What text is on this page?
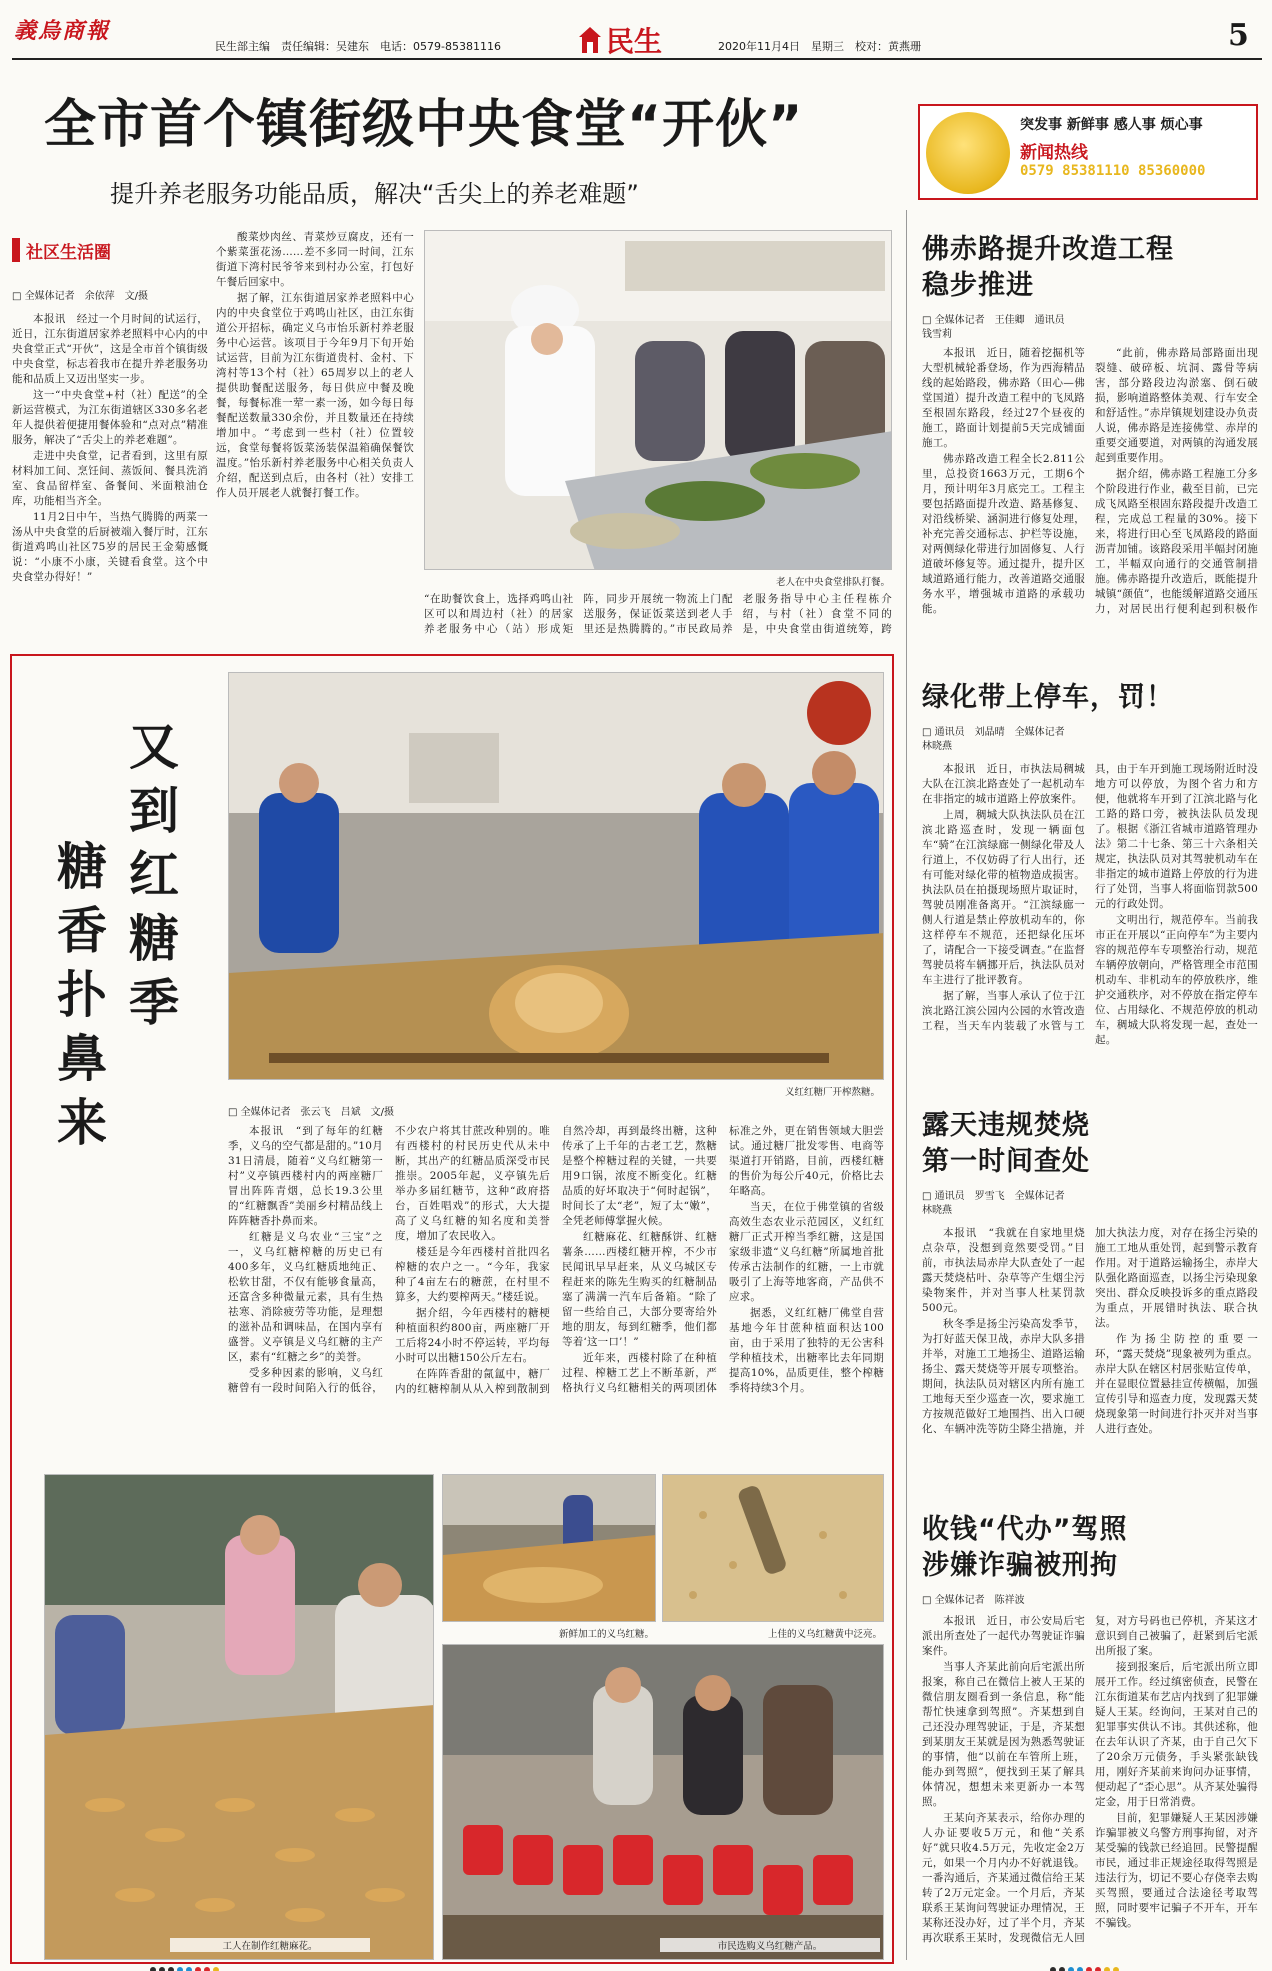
義烏商報
民生部主编　责任编辑：吴建东　电话：0579-85381116	民生	2020年11月4日　星期三　校对：黄燕珊	5
全市首个镇街级中央食堂“开伙”
提升养老服务功能品质，解决“舌尖上的养老难题”
突发事 新鲜事 感人事 烦心事
新闻热线
0579 85381110 85360000
社区生活圈
□ 全媒体记者　余依萍　文/摄

本报讯　经过一个月时间的试运行，近日，江东街道居家养老照料中心内的中央食堂正式“开伙”，这是全市首个镇街级中央食堂，标志着我市在提升养老服务功能和品质上又迈出坚实一步。

这一“中央食堂+村（社）配送”的全新运营模式，为江东街道辖区330多名老年人提供着便捷用餐体验和“点对点”精准服务，解决了“舌尖上的养老难题”。

走进中央食堂，记者看到，这里有原材料加工间、烹饪间、蒸饭间、餐具洗消室、食品留样室、备餐间、米面粮油仓库，功能相当齐全。

11月2日中午，当热气腾腾的两菜一汤从中央食堂的后厨被端入餐厅时，江东街道鸡鸣山社区75岁的居民王金菊感慨说：“小康不小康，关键看食堂。这个中央食堂办得好！”

酸菜炒肉丝、青菜炒豆腐皮，还有一个紫菜蛋花汤……差不多同一时间，江东街道下湾村民爷爷来到村办公室，打包好午餐后回家中。

据了解，江东街道居家养老照料中心内的中央食堂位于鸡鸣山社区，由江东街道公开招标，确定义乌市怡乐新村养老服务中心运营。该项目于今年9月下旬开始试运营，目前为江东街道贵村、金村、下湾村等13个村（社）65周岁以上的老人提供助餐配送服务，每日供应中餐及晚餐，每餐标准一荤一素一汤，如今每日每餐配送数量330余份，并且数量还在持续增加中。“考虑到一些村（社）位置较远，食堂每餐将饭菜汤装保温箱确保餐饮温度。”怡乐新村养老服务中心相关负责人介绍，配送到点后，由各村（社）安排工作人员开展老人就餐打餐工作。

老人在中央食堂排队打餐。

“在助餐饮食上，选择鸡鸣山社区可以和周边村（社）的居家养老服务中心（站）形成矩阵，同步开展统一物流上门配送服务，保证饭菜送到老人手里还是热腾腾的。”市民政局养老服务指导中心主任程栋介绍，与村（社）食堂不同的是，中央食堂由街道统筹，跨

佛赤路提升改造工程
稳步推进
□ 全媒体记者　王佳卿　通讯员　钱雪莉

本报讯　近日，随着挖掘机等大型机械轮番登场，作为西海精品线的起始路段，佛赤路（田心—佛堂国道）提升改造工程中的飞凤路至根固东路段，经过27个昼夜的施工，路面计划提前5天完成铺面施工。

佛赤路改造工程全长2.811公里，总投资1663万元，工期6个月，预计明年3月底完工。工程主要包括路面提升改造、路基修复、对沿线桥梁、涵洞进行修复处理，补充完善交通标志、护栏等设施，对两侧绿化带进行加固修复、人行道破坏修复等。通过提升，提升区域道路通行能力，改善道路交通服务水平，增强城市道路的承载功能。

“此前，佛赤路局部路面出现裂缝、破碎板、坑洞、露骨等病害，部分路段边沟淤塞、倒石破损，影响道路整体美观、行车安全和舒适性。”赤岸镇规划建设办负责人说，佛赤路是连接佛堂、赤岸的重要交通要道，对两镇的沟通发展起到重要作用。

据介绍，佛赤路工程施工分多个阶段进行作业，截至目前，已完成飞凤路至根固东路段提升改造工程，完成总工程量的30%。接下来，将进行田心至飞凤路段的路面沥青加铺。该路段采用半幅封闭施工，半幅双向通行的交通管制措施。佛赤路提升改造后，既能提升城镇“颜值”，也能缓解道路交通压力，对居民出行便利起到积极作

绿化带上停车，罚！
□ 通讯员　刘晶晴　全媒体记者　林晓燕

本报讯　近日，市执法局稠城大队在江滨北路查处了一起机动车在非指定的城市道路上停放案件。

上周，稠城大队执法队员在江滨北路巡查时，发现一辆面包车“骑”在江滨绿廊一侧绿化带及人行道上，不仅妨碍了行人出行，还有可能对绿化带的植物造成损害。执法队员在拍摄现场照片取证时，驾驶员刚准备离开。“江滨绿廊一侧人行道是禁止停放机动车的，你这样停车不规范，还把绿化压坏了，请配合一下接受调查。”在监督驾驶员将车辆挪开后，执法队员对车主进行了批评教育。

据了解，当事人承认了位于江滨北路江滨公园内公园的水管改造工程，当天车内装载了水管与工具，由于车开到施工现场附近时没地方可以停放，为图个省力和方便，他就将车开到了江滨北路与化工路的路口旁，被执法队员发现了。根据《浙江省城市道路管理办法》第二十七条、第三十六条相关规定，执法队员对其驾驶机动车在非指定的城市道路上停放的行为进行了处罚，当事人将面临罚款500元的行政处罚。

文明出行，规范停车。当前我市正在开展以“正向停车”为主要内容的规范停车专项整治行动，规范车辆停放朝向，严格管理全市范围机动车、非机动车的停放秩序，维护交通秩序，对不停放在指定停车位、占用绿化、不规范停放的机动车，稠城大队将发现一起，查处一起。

露天违规焚烧
第一时间查处
□ 通讯员　罗雪飞　全媒体记者　林晓燕

本报讯　“我就在自家地里烧点杂草，没想到竟然要受罚。”目前，市执法局赤岸大队查处了一起露天焚烧枯叶、杂草等产生烟尘污染物案件，并对当事人杜某罚款500元。

秋冬季是扬尘污染高发季节，为打好蓝天保卫战，赤岸大队多措并举，对施工工地扬尘、道路运输扬尘、露天焚烧等开展专项整治。期间，执法队员对辖区内所有施工工地每天至少巡查一次，要求施工方按规范做好工地围挡、出入口硬化、车辆冲洗等防尘降尘措施，并加大执法力度，对存在扬尘污染的施工工地从重处罚，起到警示教育作用。对于道路运输扬尘，赤岸大队强化路面巡查，以扬尘污染现象突出、群众反映投诉多的重点路段为重点，开展错时执法、联合执法。

作为扬尘防控的重要一环，“露天焚烧”现象被列为重点。赤岸大队在辖区村居张贴宣传单，并在显眼位置悬挂宣传横幅，加强宣传引导和巡查力度，发现露天焚烧现象第一时间进行扑灭并对当事人进行查处。

收钱“代办”驾照
涉嫌诈骗被刑拘
□ 全媒体记者　陈祥波

本报讯　近日，市公安局后宅派出所查处了一起代办驾驶证诈骗案件。

当事人齐某此前向后宅派出所报案，称自己在微信上被人王某的微信朋友圈看到一条信息，称“能帮忙快速拿到驾照”。齐某想到自己还没办理驾驶证，于是，齐某想到某朋友王某就是因为熟悉驾驶证的事情，他“以前在车管所上班，能办到驾照”，便找到王某了解具体情况，想想未来更新办一本驾照。

王某向齐某表示，给你办理的人办证要收5万元，和他“关系好”就只收4.5万元，先收定金2万元，如果一个月内办不好就退钱。一番沟通后，齐某通过微信给王某转了2万元定金。一个月后，齐某联系王某询问驾驶证办理情况，王某称还没办好，过了半个月，齐某再次联系王某时，发现微信无人回复，对方号码也已停机，齐某这才意识到自己被骗了，赶紧到后宅派出所报了案。

接到报案后，后宅派出所立即展开工作。经过缜密侦查，民警在江东街道某布艺店内找到了犯罪嫌疑人王某。经询问，王某对自己的犯罪事实供认不讳。其供述称，他在去年认识了齐某，由于自己欠下了20余万元债务，手头紧张缺钱用，刚好齐某前来询问办证事情，便动起了“歪心思”。从齐某处骗得定金，用于日常消费。

目前，犯罪嫌疑人王某因涉嫌诈骗罪被义乌警方刑事拘留，对齐某受骗的钱款已经追回。民警提醒市民，通过非正规途径取得驾照是违法行为，切记不要心存侥幸去购买驾照，要通过合法途径考取驾照，同时要牢记骗子不开车，开车不骗钱。

又到红糖季
糖香扑鼻来	义红红糖厂开榨熬糖。
□ 全媒体记者　张云飞　吕斌　文/摄

本报讯　“到了每年的红糖季，义乌的空气都是甜的。”10月31日清晨，随着“义乌红糖第一村”义亭镇西楼村内的两座糖厂冒出阵阵青烟，总长19.3公里的“红糖飘香”美丽乡村精品线上阵阵糖香扑鼻而来。

红糖是义乌农业“三宝”之一，义乌红糖榨糖的历史已有400多年，义乌红糖质地纯正、松软甘甜，不仅有能够食量高，还富含多种微量元素，具有生热祛寒、消除疲劳等功能，是理想的滋补品和调味品，在国内享有盛誉。义亭镇是义乌红糖的主产区，素有“红糖之乡”的美誉。

受多种因素的影响，义乌红糖曾有一段时间陷入行的低谷，不少农户将其甘蔗改种别的。唯有西楼村的村民历史代从未中断，其出产的红糖品质深受市民推崇。2005年起，义亭镇先后举办多届红糖节，这种“政府搭台，百姓唱戏”的形式，大大提高了义乌红糖的知名度和美誉度，增加了农民收入。

楼廷是今年西楼村首批四名榨糖的农户之一。“今年，我家种了4亩左右的糖蔗，在村里不算多，大约要榨两天。”楼廷说。

据介绍，今年西楼村的糖梗种植面积约800亩，两座糖厂开工后将24小时不停运转，平均每小时可以出糖150公斤左右。

在阵阵香甜的氤氲中，糖厂内的红糖榨制从从入榨到散制到自然冷却，再到最终出糖，这种传承了上千年的古老工艺，熬糖是整个榨糖过程的关键，一共要用9口锅，浓度不断变化。红糖品质的好坏取决于“何时起锅”，时间长了太“老”，短了太“嫩”，全凭老师傅掌握火候。

红糖麻花、红糖酥饼、红糖薯条……西楼红糖开榨，不少市民闻讯早早赶来，从义乌城区专程赶来的陈先生购买的红糖制品塞了满满一汽车后备箱。“除了留一些给自己，大部分要寄给外地的朋友，每到红糖季，他们都等着‘这一口’！”

近年来，西楼村除了在种植过程、榨糖工艺上不断革新，严格执行义乌红糖相关的两项团体标准之外，更在销售领域大胆尝试。通过糖厂批发零售、电商等渠道打开销路，目前，西楼红糖的售价为每公斤40元，价格比去年略高。

当天，在位于佛堂镇的省级高效生态农业示范园区，义红红糖厂正式开榨当季红糖，这是国家级非遗“义乌红糖”所属地首批传承古法制作的红糖，一上市就吸引了上海等地客商，产品供不应求。

据悉，义红红糖厂佛堂自营基地今年甘蔗种植面积达100亩，由于采用了独特的无公害科学种植技术，出糖率比去年同期提高10%，品质更佳，整个榨糖季将持续3个月。

工人在制作红糖麻花。
新鲜加工的义乌红糖。	上佳的义乌红糖黄中泛亮。
市民选购义乌红糖产品。
